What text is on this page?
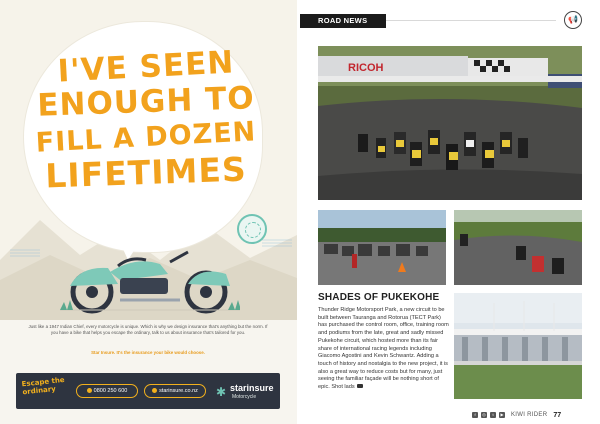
I'VE SEEN
ENOUGH TO
FILL A DOZEN
LIFETIMES

Just like a 1947 Indian Chief, every motorcycle is unique. Which is why we design insurance that's anything but the norm. If you have a bike that helps you escape the ordinary, talk to us about insurance that's tailored for you.

Star Insure. It's the insurance your bike would choose.

Escape the ordinary	0800 250 600	starinsure.co.nz	✱ starinsure
Motorcycle
ROAD NEWS	📢
RICOH
SHADES OF PUKEKOHE

Thunder Ridge Motorsport Park, a new circuit to be built between Tauranga and Rotorua (TECT Park) has purchased the control room, office, training room and podiums from the late, great and sadly missed Pukekohe circuit, which hosted more than its fair share of international racing legends including Giacomo Agostini and Kevin Schwantz. Adding a touch of history and nostalgia to the new project, it is also a great way to reduce costs but for many, just seeing the familiar façade will be nothing short of epic. Shot lads

f	◎	t	▶ KIWI RIDER 77
